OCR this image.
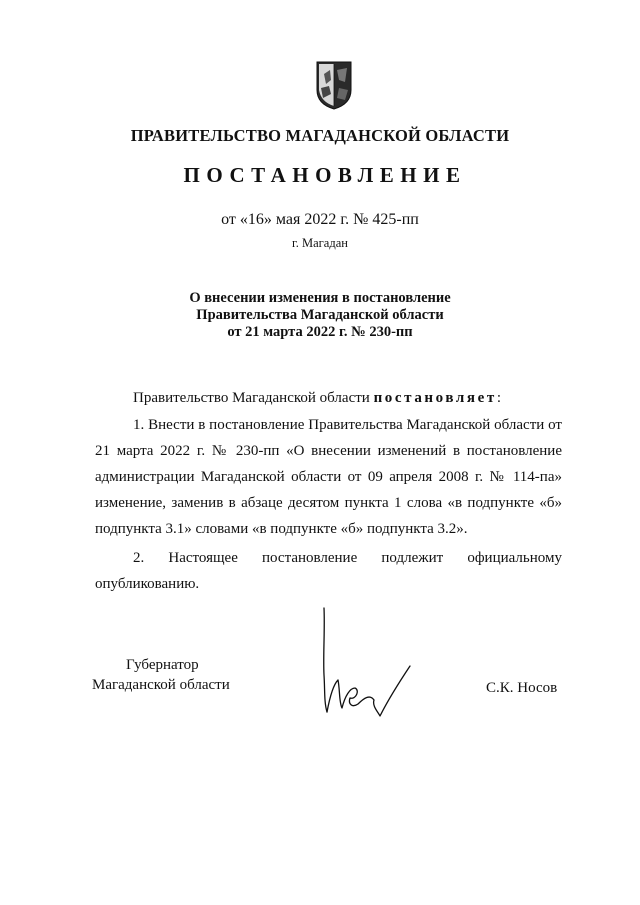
ПРАВИТЕЛЬСТВО МАГАДАНСКОЙ ОБЛАСТИ
ПОСТАНОВЛЕНИЕ
от «16» мая 2022 г. № 425-пп
г. Магадан
О внесении изменения в постановление
Правительства Магаданской области
от 21 марта 2022 г. № 230-пп
Правительство Магаданской области постановляет:
1. Внести в постановление Правительства Магаданской области от 21 марта 2022 г. № 230-пп «О внесении изменений в постановление администрации Магаданской области от 09 апреля 2008 г. № 114-па» изменение, заменив в абзаце десятом пункта 1 слова «в подпункте «б» подпункта 3.1» словами «в подпункте «б» подпункта 3.2».
2. Настоящее постановление подлежит официальному опубликованию.
Губернатор
Магаданской области	С.К. Носов
